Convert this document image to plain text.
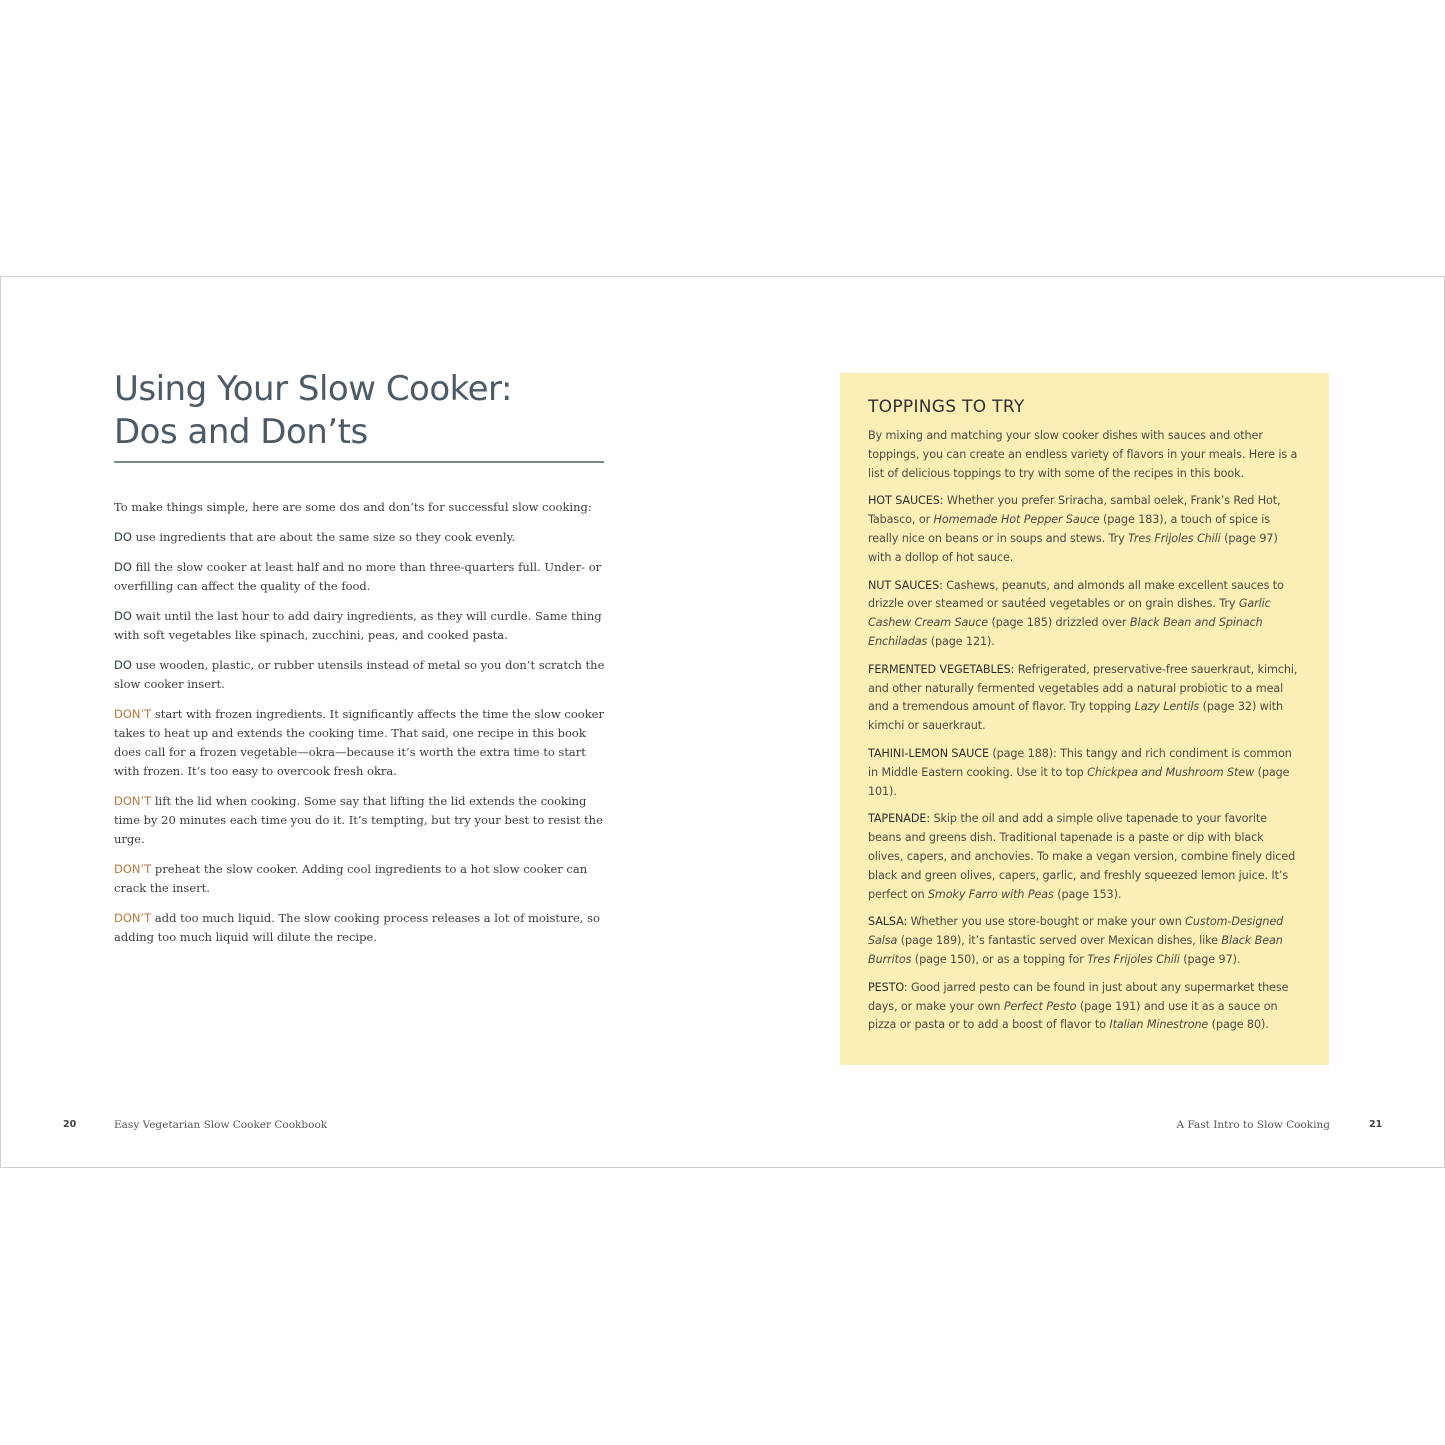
Using Your Slow Cooker:
Dos and Don’ts

To make things simple, here are some dos and don’ts for successful slow cooking:

DO use ingredients that are about the same size so they cook evenly.

DO fill the slow cooker at least half and no more than three-quarters full. Under- or overfilling can affect the quality of the food.

DO wait until the last hour to add dairy ingredients, as they will curdle. Same thing with soft vegetables like spinach, zucchini, peas, and cooked pasta.

DO use wooden, plastic, or rubber utensils instead of metal so you don’t scratch the slow cooker insert.

DON’T start with frozen ingredients. It significantly affects the time the slow cooker takes to heat up and extends the cooking time. That said, one recipe in this book does call for a frozen vegetable—okra—because it’s worth the extra time to start with frozen. It’s too easy to overcook fresh okra.

DON’T lift the lid when cooking. Some say that lifting the lid extends the cooking time by 20 minutes each time you do it. It’s tempting, but try your best to resist the urge.

DON’T preheat the slow cooker. Adding cool ingredients to a hot slow cooker can crack the insert.

DON’T add too much liquid. The slow cooking process releases a lot of moisture, so adding too much liquid will dilute the recipe.

TOPPINGS TO TRY

By mixing and matching your slow cooker dishes with sauces and other toppings, you can create an endless variety of flavors in your meals. Here is a list of delicious toppings to try with some of the recipes in this book.

HOT SAUCES: Whether you prefer Sriracha, sambal oelek, Frank’s Red Hot, Tabasco, or Homemade Hot Pepper Sauce (page 183), a touch of spice is really nice on beans or in soups and stews. Try Tres Frijoles Chili (page 97) with a dollop of hot sauce.

NUT SAUCES: Cashews, peanuts, and almonds all make excellent sauces to drizzle over steamed or sautéed vegetables or on grain dishes. Try Garlic Cashew Cream Sauce (page 185) drizzled over Black Bean and Spinach Enchiladas (page 121).

FERMENTED VEGETABLES: Refrigerated, preservative-free sauerkraut, kimchi, and other naturally fermented vegetables add a natural probiotic to a meal and a tremendous amount of flavor. Try topping Lazy Lentils (page 32) with kimchi or sauerkraut.

TAHINI-LEMON SAUCE (page 188): This tangy and rich condiment is common in Middle Eastern cooking. Use it to top Chickpea and Mushroom Stew (page 101).

TAPENADE: Skip the oil and add a simple olive tapenade to your favorite beans and greens dish. Traditional tapenade is a paste or dip with black olives, capers, and anchovies. To make a vegan version, combine finely diced black and green olives, capers, garlic, and freshly squeezed lemon juice. It’s perfect on Smoky Farro with Peas (page 153).

SALSA: Whether you use store-bought or make your own Custom-Designed Salsa (page 189), it’s fantastic served over Mexican dishes, like Black Bean Burritos (page 150), or as a topping for Tres Frijoles Chili (page 97).

PESTO: Good jarred pesto can be found in just about any supermarket these days, or make your own Perfect Pesto (page 191) and use it as a sauce on pizza or pasta or to add a boost of flavor to Italian Minestrone (page 80).

20	Easy Vegetarian Slow Cooker Cookbook	A Fast Intro to Slow Cooking	21
